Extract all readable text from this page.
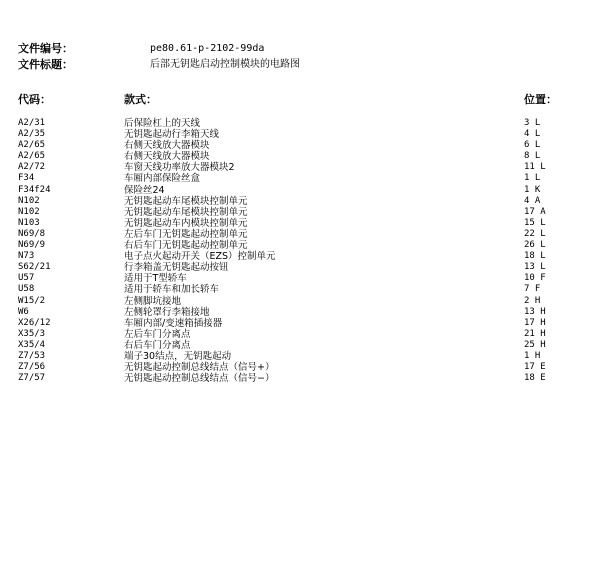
文件编号：	pe80.61-p-2102-99da
文件标题：	后部无钥匙启动控制模块的电路图
代码：	款式：	位置：
A2/31	后保险杠上的天线	3 L
A2/35	无钥匙起动行李箱天线	4 L
A2/65	右侧天线放大器模块	6 L
A2/65	右侧天线放大器模块	8 L
A2/72	车窗天线功率放大器模块2	11 L
F34	车厢内部保险丝盒	1 L
F34f24	保险丝24	1 K
N102	无钥匙起动车尾模块控制单元	4 A
N102	无钥匙起动车尾模块控制单元	17 A
N103	无钥匙起动车内模块控制单元	15 L
N69/8	左后车门无钥匙起动控制单元	22 L
N69/9	右后车门无钥匙起动控制单元	26 L
N73	电子点火起动开关（EZS）控制单元	18 L
S62/21	行李箱盖无钥匙起动按钮	13 L
U57	适用于T型轿车	10 F
U58	适用于轿车和加长轿车	7 F
W15/2	左侧脚坑接地	2 H
W6	左侧轮罩行李箱接地	13 H
X26/12	车厢内部/变速箱插接器	17 H
X35/3	左后车门分离点	21 H
X35/4	右后车门分离点	25 H
Z7/53	端子30结点，无钥匙起动	1 H
Z7/56	无钥匙起动控制总线结点（信号+）	17 E
Z7/57	无钥匙起动控制总线结点（信号−）	18 E
